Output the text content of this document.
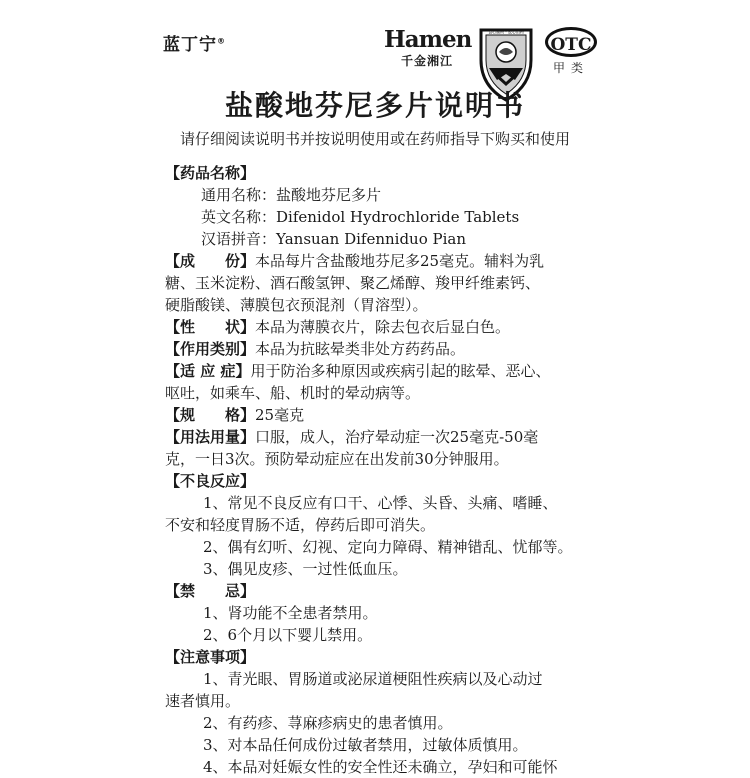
蓝丁宁®	Hamen
千金湘江
良心制药 · 放心用药
OTC
甲类
盐酸地芬尼多片说明书
请仔细阅读说明书并按说明使用或在药师指导下购买和使用
【药品名称】
通用名称：盐酸地芬尼多片
英文名称：Difenidol Hydrochloride Tablets
汉语拼音：Yansuan Difenniduo Pian
【成　　份】本品每片含盐酸地芬尼多25毫克。辅料为乳
糖、玉米淀粉、酒石酸氢钾、聚乙烯醇、羧甲纤维素钙、
硬脂酸镁、薄膜包衣预混剂（胃溶型）。
【性　　状】本品为薄膜衣片，除去包衣后显白色。
【作用类别】本品为抗眩晕类非处方药药品。
【适 应 症】用于防治多种原因或疾病引起的眩晕、恶心、
呕吐，如乘车、船、机时的晕动病等。
【规　　格】25毫克
【用法用量】口服，成人，治疗晕动症一次25毫克-50毫
克，一日3次。预防晕动症应在出发前30分钟服用。
【不良反应】
1、常见不良反应有口干、心悸、头昏、头痛、嗜睡、
不安和轻度胃肠不适，停药后即可消失。
2、偶有幻听、幻视、定向力障碍、精神错乱、忧郁等。
3、偶见皮疹、一过性低血压。
【禁　　忌】
1、肾功能不全患者禁用。
2、6个月以下婴儿禁用。
【注意事项】
1、青光眼、胃肠道或泌尿道梗阻性疾病以及心动过
速者慎用。
2、有药疹、荨麻疹病史的患者慎用。
3、对本品任何成份过敏者禁用，过敏体质慎用。
4、本品对妊娠女性的安全性还未确立，孕妇和可能怀
